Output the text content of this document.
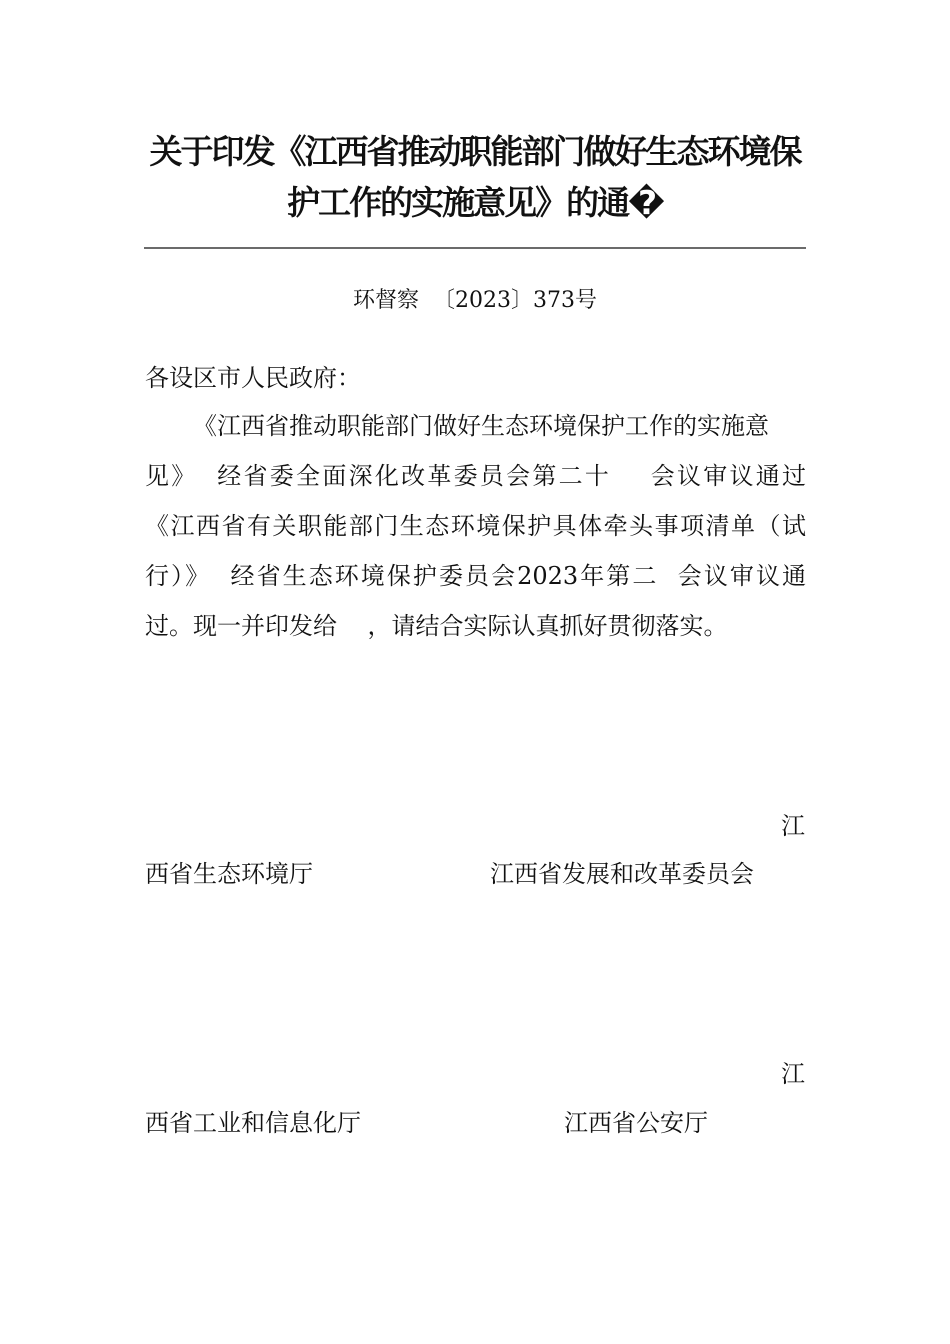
关于印发《江西省推动职能部门做好生态环境保
护工作的实施意见》的通�
环督察  〔2023〕373号
各设区市人民政府：
《江西省推动职能部门做好生态环境保护工作的实施意
见》  经省委全面深化改革委员会第二十    会议审议通过
《江西省有关职能部门生态环境保护具体牵头事项清单（试
行）》  经省生态环境保护委员会2023年第二  会议审议通
过。现一并印发给    ，请结合实际认真抓好贯彻落实。
江
西省生态环境厅	江西省发展和改革委员会
江
西省工业和信息化厅	江西省公安厅
